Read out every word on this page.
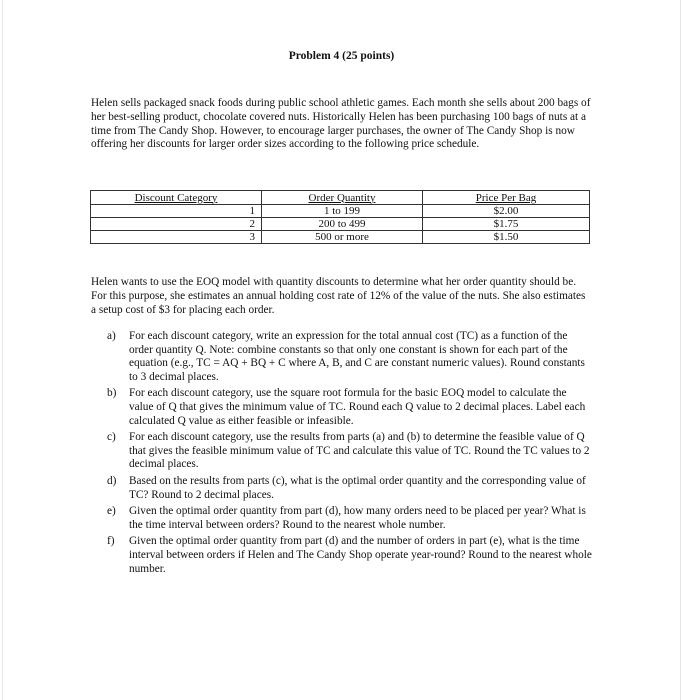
Problem 4 (25 points)

Helen sells packaged snack foods during public school athletic games. Each month she sells about 200 bags of her best-selling product, chocolate covered nuts. Historically Helen has been purchasing 100 bags of nuts at a time from The Candy Shop. However, to encourage larger purchases, the owner of The Candy Shop is now offering her discounts for larger order sizes according to the following price schedule.

Discount Category	Order Quantity	Price Per Bag
1	1 to 199	$2.00
2	200 to 499	$1.75
3	500 or more	$1.50

Helen wants to use the EOQ model with quantity discounts to determine what her order quantity should be. For this purpose, she estimates an annual holding cost rate of 12% of the value of the nuts. She also estimates a setup cost of $3 for placing each order.

a) For each discount category, write an expression for the total annual cost (TC) as a function of the order quantity Q. Note: combine constants so that only one constant is shown for each part of the equation (e.g., TC = AQ + BQ + C where A, B, and C are constant numeric values). Round constants to 3 decimal places.
b) For each discount category, use the square root formula for the basic EOQ model to calculate the value of Q that gives the minimum value of TC. Round each Q value to 2 decimal places. Label each calculated Q value as either feasible or infeasible.
c) For each discount category, use the results from parts (a) and (b) to determine the feasible value of Q that gives the feasible minimum value of TC and calculate this value of TC. Round the TC values to 2 decimal places.
d) Based on the results from parts (c), what is the optimal order quantity and the corresponding value of TC? Round to 2 decimal places.
e) Given the optimal order quantity from part (d), how many orders need to be placed per year? What is the time interval between orders? Round to the nearest whole number.
f) Given the optimal order quantity from part (d) and the number of orders in part (e), what is the time interval between orders if Helen and The Candy Shop operate year-round? Round to the nearest whole number.
